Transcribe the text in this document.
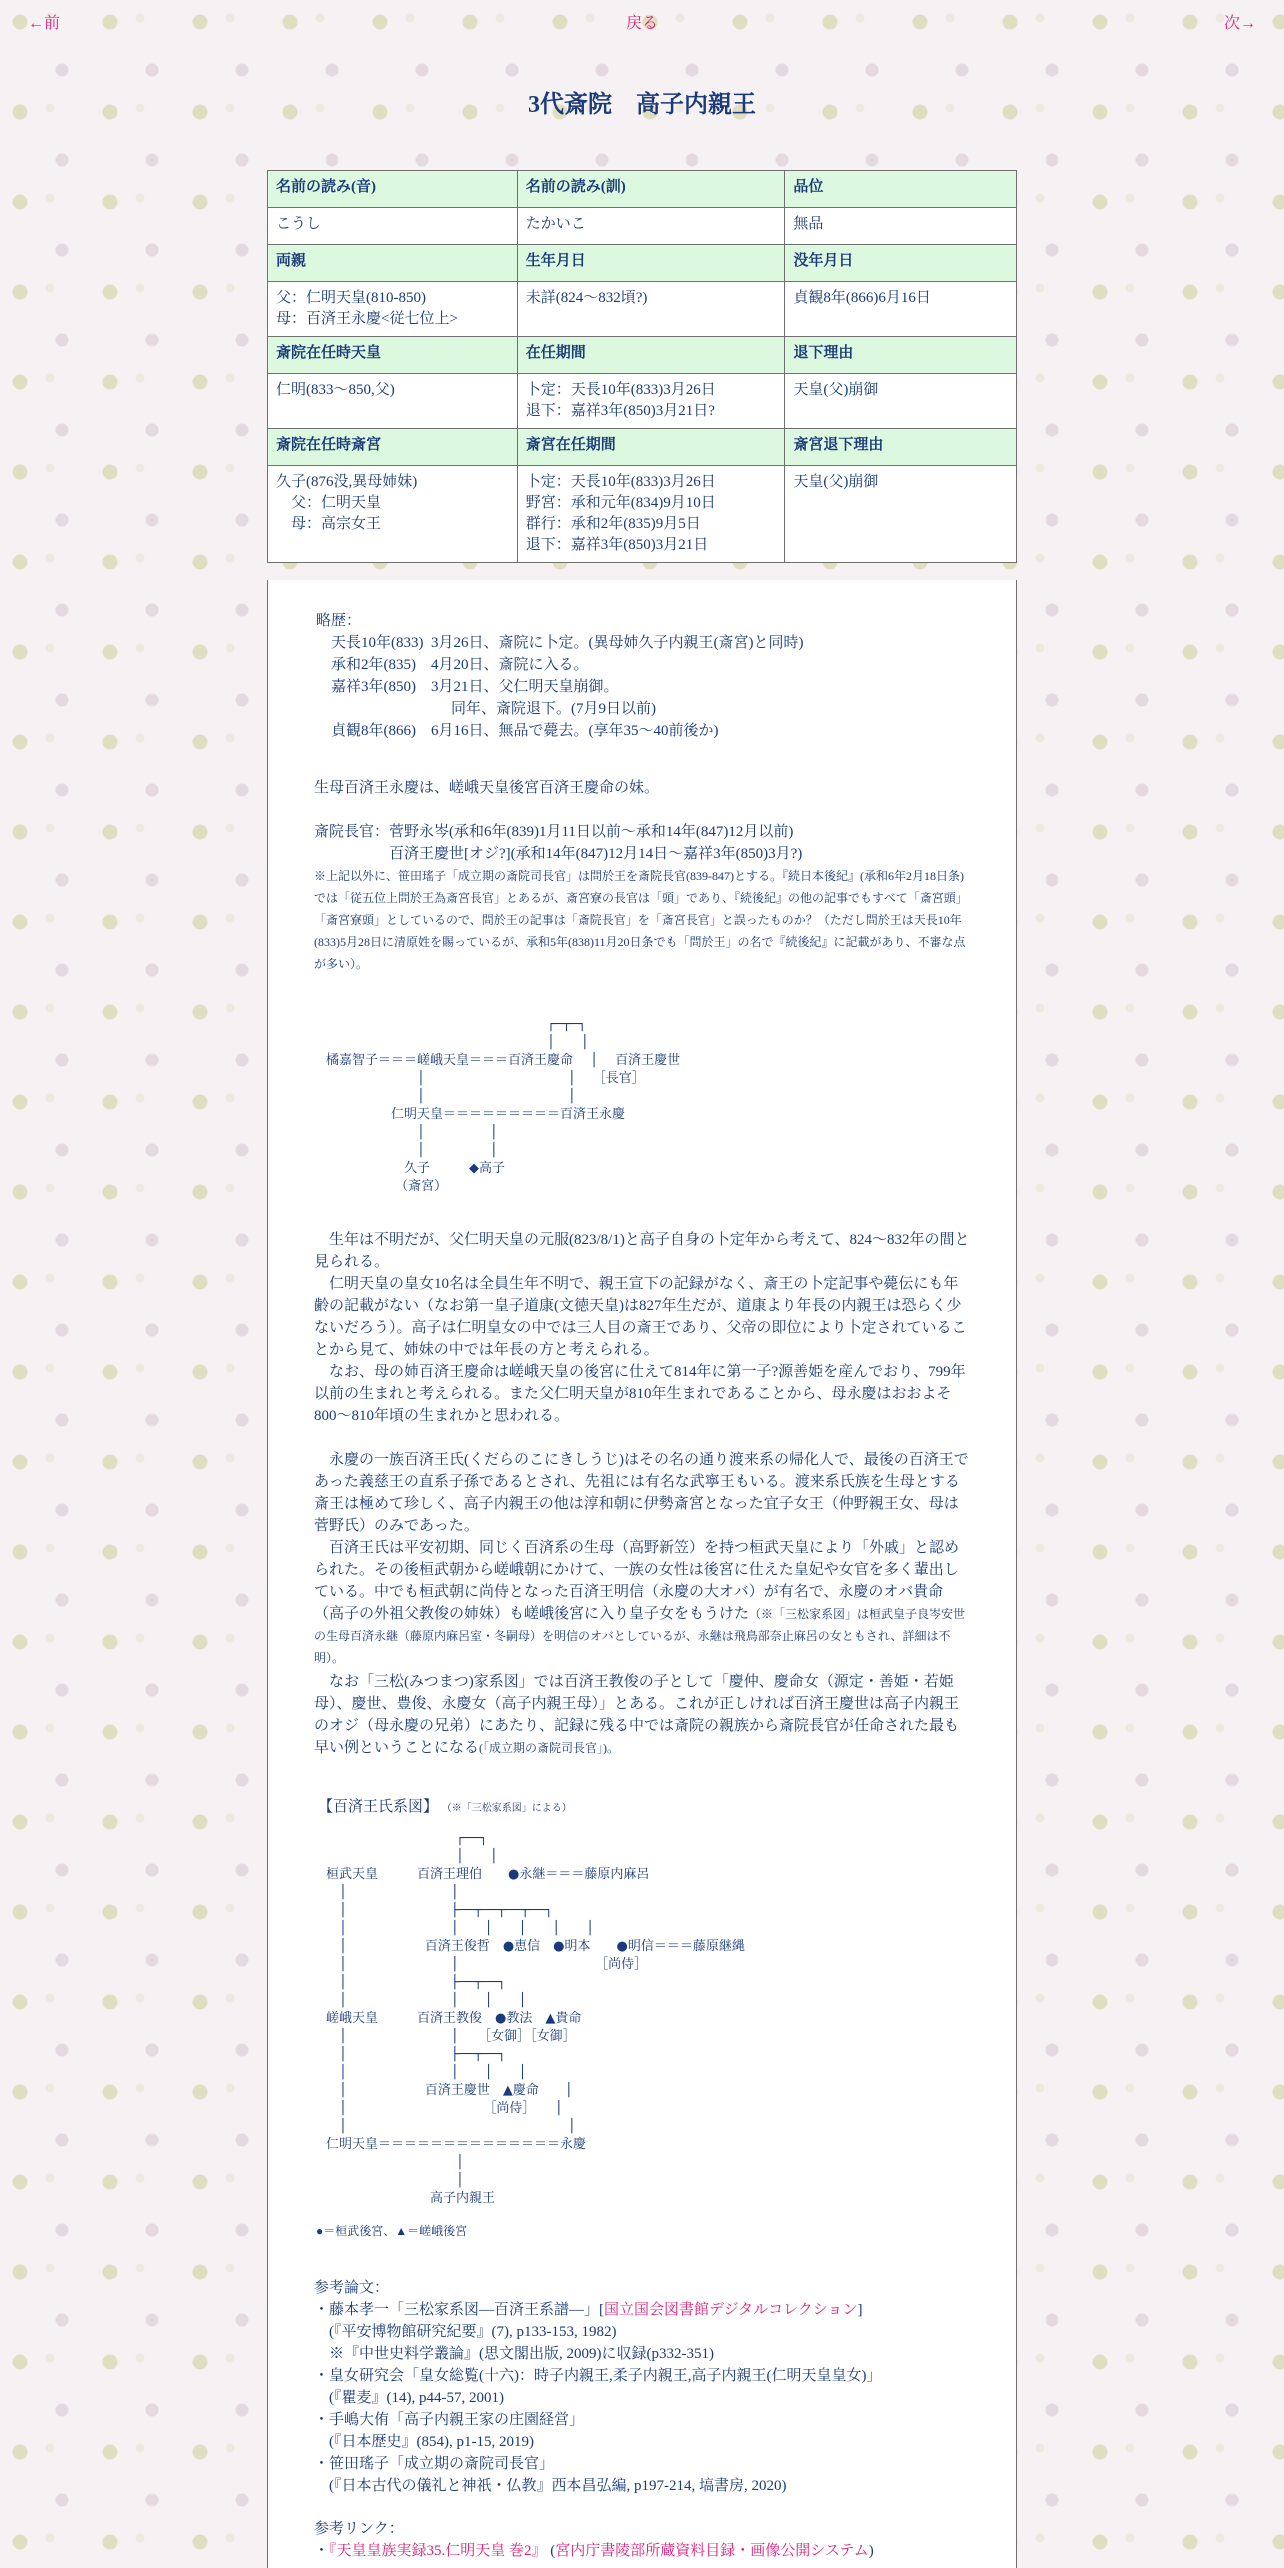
←前	戻る	次→
3代斎院　高子内親王
名前の読み(音)	名前の読み(訓)	品位
こうし	たかいこ	無品
両親	生年月日	没年月日
父：仁明天皇(810-850)
母：百済王永慶<従七位上>	未詳(824～832頃?)	貞観8年(866)6月16日
斎院在任時天皇	在任期間	退下理由
仁明(833～850,父)	卜定：天長10年(833)3月26日
退下：嘉祥3年(850)3月21日?	天皇(父)崩御
斎院在任時斎宮	斎宮在任期間	斎宮退下理由
久子(876没,異母姉妹)
　父：仁明天皇
　母：高宗女王	卜定：天長10年(833)3月26日
野宮：承和元年(834)9月10日
群行：承和2年(835)9月5日
退下：嘉祥3年(850)3月21日	天皇(父)崩御
略歴：
　天長10年(833)  3月26日、斎院に卜定。(異母姉久子内親王(斎宮)と同時)
　承和2年(835)    4月20日、斎院に入る。
　嘉祥3年(850)    3月21日、父仁明天皇崩御。
　　　　　　　　　同年、斎院退下。(7月9日以前)
　貞観8年(866)    6月16日、無品で薨去。(享年35～40前後か)
生母百済王永慶は、嵯峨天皇後宮百済王慶命の妹。
斎院長官：菅野永岑(承和6年(839)1月11日以前～承和14年(847)12月以前)
　　　　　百済王慶世[オジ?](承和14年(847)12月14日～嘉祥3年(850)3月?)
※上記以外に、笹田瑤子「成立期の斎院司長官」は問於王を斎院長官(839-847)とする。『続日本後紀』(承和6年2月18日条)では「従五位上問於王為斎宮長官」とあるが、斎宮寮の長官は「頭」であり、『続後紀』の他の記事でもすべて「斎宮頭」「斎宮寮頭」としているので、問於王の記事は「斎院長官」を「斎宮長官」と誤ったものか？（ただし問於王は天長10年(833)5月28日に清原姓を賜っているが、承和5年(838)11月20日条でも「問於王」の名で『続後紀』に記載があり、不審な点が多い）。
　　　　　　　　　　　　　　　　　┌─┬─┐
　　　　　　　　　　　　　　　　　│　　│
橘嘉智子＝＝＝嵯峨天皇＝＝＝百済王慶命　 │　 百済王慶世
　　　　　　　│　　　　　　　　　　　│　 ［長官］
　　　　　　　│　　　　　　　　　　　│
　　　　　仁明天皇＝＝＝＝＝＝＝＝＝百済王永慶
　　　　　　　│　　　　　│
　　　　　　　│　　　　　│
　　　　　　久子　　　◆高子
　　　　　 （斎宮）
　生年は不明だが、父仁明天皇の元服(823/8/1)と高子自身の卜定年から考えて、824～832年の間と見られる。
　仁明天皇の皇女10名は全員生年不明で、親王宣下の記録がなく、斎王の卜定記事や薨伝にも年齢の記載がない（なお第一皇子道康(文徳天皇)は827年生だが、道康より年長の内親王は恐らく少ないだろう）。高子は仁明皇女の中では三人目の斎王であり、父帝の即位により卜定されていることから見て、姉妹の中では年長の方と考えられる。
　なお、母の姉百済王慶命は嵯峨天皇の後宮に仕えて814年に第一子?源善姫を産んでおり、799年以前の生まれと考えられる。また父仁明天皇が810年生まれであることから、母永慶はおおよそ800～810年頃の生まれかと思われる。
　永慶の一族百済王氏(くだらのこにきしうじ)はその名の通り渡来系の帰化人で、最後の百済王であった義慈王の直系子孫であるとされ、先祖には有名な武寧王もいる。渡来系氏族を生母とする斎王は極めて珍しく、高子内親王の他は淳和朝に伊勢斎宮となった宜子女王（仲野親王女、母は菅野氏）のみであった。
　百済王氏は平安初期、同じく百済系の生母（高野新笠）を持つ桓武天皇により「外戚」と認められた。その後桓武朝から嵯峨朝にかけて、一族の女性は後宮に仕えた皇妃や女官を多く輩出している。中でも桓武朝に尚侍となった百済王明信（永慶の大オバ）が有名で、永慶のオバ貴命（高子の外祖父教俊の姉妹）も嵯峨後宮に入り皇子女をもうけた（※「三松家系図」は桓武皇子良岑安世の生母百済永継（藤原内麻呂室・冬嗣母）を明信のオバとしているが、永継は飛鳥部奈止麻呂の女ともされ、詳細は不明）。
　なお「三松(みつまつ)家系図」では百済王教俊の子として「慶仲、慶命女（源定・善姫・若姫母）、慶世、豊俊、永慶女（高子内親王母）」とある。これが正しければ百済王慶世は高子内親王のオジ（母永慶の兄弟）にあたり、記録に残る中では斎院の親族から斎院長官が任命された最も早い例ということになる(「成立期の斎院司長官」)。
【百済王氏系図】 （※「三松家系図」による）
　　　　　　　　　　┌──┐
　　　　　　　　　　│　　│
桓武天皇　　　百済王理伯　　●永継＝＝＝藤原内麻呂
　│　　　　　　　　│
　│　　　　　　　　├──┬──┬──┬──┐
　│　　　　　　　　│　　│　　│　　│　　│
　│　　　　　　百済王俊哲　●恵信　●明本　　●明信＝＝＝藤原継縄
　│　　　　　　　　│　　　　　　　　　　　［尚侍］
　│　　　　　　　　├──┬──┐
　│　　　　　　　　│　　│　　│
嵯峨天皇　　　百済王教俊　●教法　▲貴命
　│　　　　　　　　│　　［女御］［女御］
　│　　　　　　　　├──┬──┐
　│　　　　　　　　│　　│　　│
　│　　　　　　百済王慶世　▲慶命　　│
　│　　　　　　　　　　　［尚侍］　　│
　│　　　　　　　　　　　　　　　　　│
仁明天皇＝＝＝＝＝＝＝＝＝＝＝＝＝＝永慶
　　　　　　　　　　│
　　　　　　　　　　│
　　　　　　　　高子内親王
●＝桓武後宮、▲＝嵯峨後宮
参考論文：
・藤本孝一「三松家系図―百済王系譜―」[国立国会図書館デジタルコレクション]
　(『平安博物館研究紀要』(7), p133-153, 1982)
　※『中世史料学叢論』(思文閣出版, 2009)に収録(p332-351)
・皇女研究会「皇女総覧(十六)：時子内親王,柔子内親王,高子内親王(仁明天皇皇女)」
　(『瞿麦』(14), p44-57, 2001)
・手嶋大侑「高子内親王家の庄園経営」
　(『日本歴史』(854), p1-15, 2019)
・笹田瑤子「成立期の斎院司長官」
　(『日本古代の儀礼と神祇・仏教』西本昌弘編, p197-214, 塙書房, 2020)
参考リンク：
・『天皇皇族実録35.仁明天皇 巻2』 (宮内庁書陵部所蔵資料目録・画像公開システム)
